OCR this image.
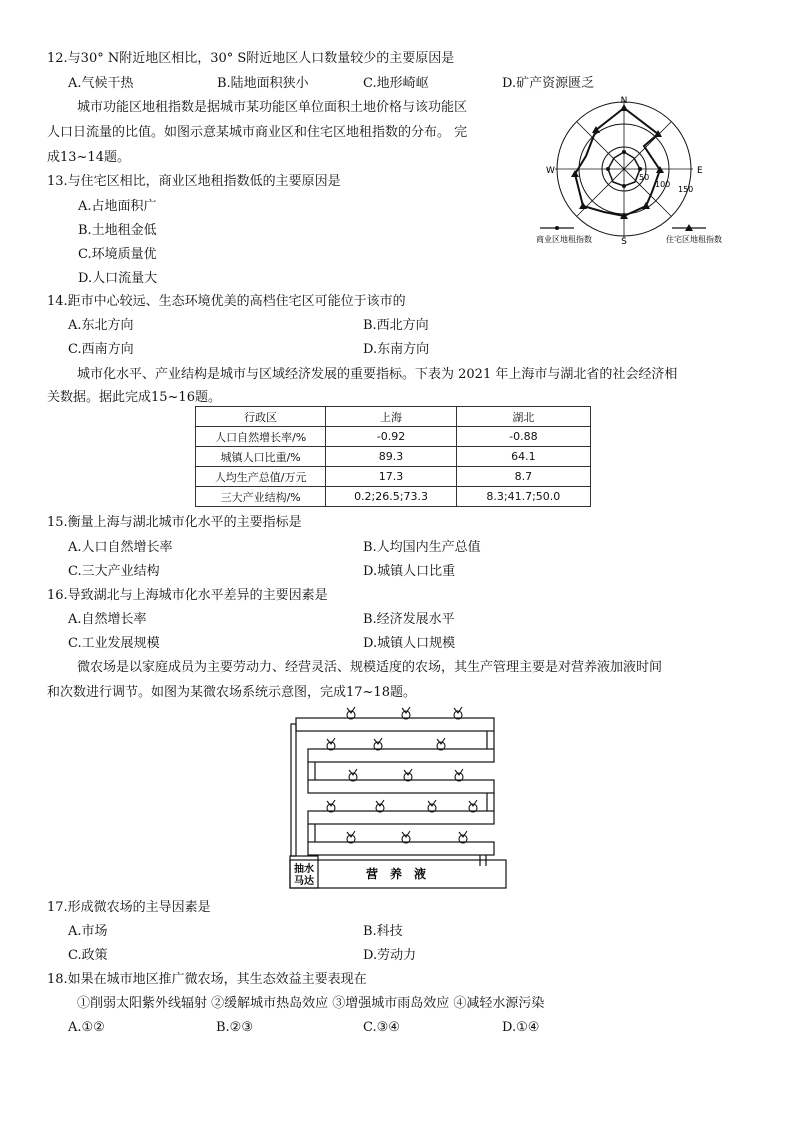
12.与30° N附近地区相比，30° S附近地区人口数量较少的主要原因是
A.气候干热	B.陆地面积狭小	C.地形崎岖	D.矿产资源匮乏
城市功能区地租指数是据城市某功能区单位面积土地价格与该功能区
人口日流量的比值。如图示意某城市商业区和住宅区地租指数的分布。 完
成13~14题。
N
S
E
W
50
100
150
商业区地租指数	住宅区地租指数
13.与住宅区相比，商业区地租指数低的主要原因是
A.占地面积广
B.土地租金低
C.环境质量优
D.人口流量大
14.距市中心较远、生态环境优美的高档住宅区可能位于该市的
A.东北方向	B.西北方向
C.西南方向	D.东南方向
城市化水平、产业结构是城市与区域经济发展的重要指标。下表为 2021 年上海市与湖北省的社会经济相
关数据。据此完成15~16题。
行政区	上海	湖北
人口自然增长率/%	-0.92	-0.88
城镇人口比重/%	89.3	64.1
人均生产总值/万元	17.3	8.7
三大产业结构/%	0.2;26.5;73.3	8.3;41.7;50.0
15.衡量上海与湖北城市化水平的主要指标是
A.人口自然增长率	B.人均国内生产总值
C.三大产业结构	D.城镇人口比重
16.导致湖北与上海城市化水平差异的主要因素是
A.自然增长率	B.经济发展水平
C.工业发展规模	D.城镇人口规模
微农场是以家庭成员为主要劳动力、经营灵活、规模适度的农场，其生产管理主要是对营养液加液时间
和次数进行调节。如图为某微农场系统示意图，完成17~18题。
抽水
马达
营　养　液
17.形成微农场的主导因素是
A.市场	B.科技
C.政策	D.劳动力
18.如果在城市地区推广微农场，其生态效益主要表现在
①削弱太阳紫外线辐射 ②缓解城市热岛效应 ③增强城市雨岛效应 ④减轻水源污染
A.①②	B.②③	C.③④	D.①④
